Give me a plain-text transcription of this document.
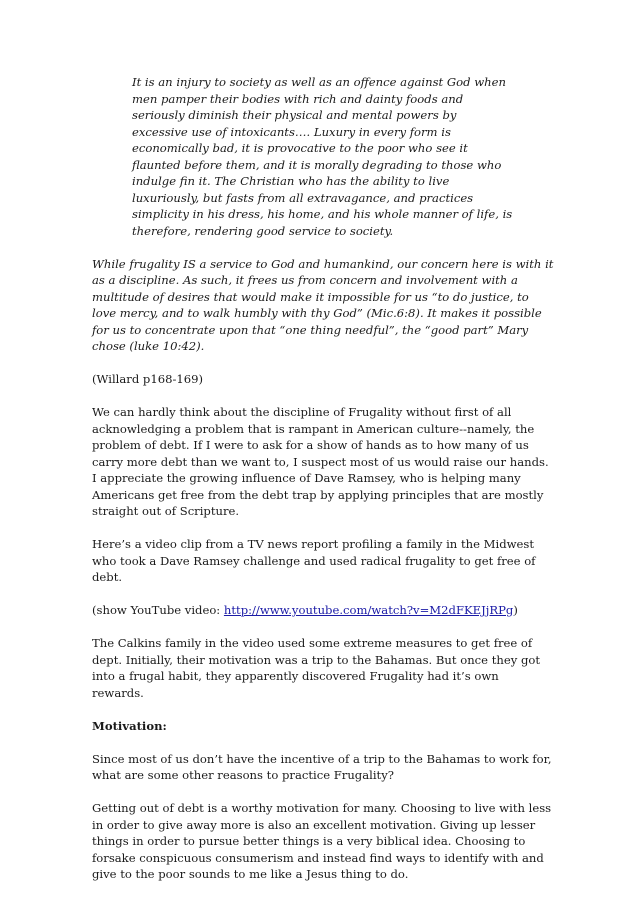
It is an injury to society as well as an offence against God when men pamper their bodies with rich and dainty foods and seriously diminish their physical and mental powers by excessive use of intoxicants…. Luxury in every form is economically bad, it is provocative to the poor who see it flaunted before them, and it is morally degrading to those who indulge fin it. The Christian who has the ability to live luxuriously, but fasts from all extravagance, and practices simplicity in his dress, his home, and his whole manner of life, is therefore, rendering good service to society.

While frugality IS a service to God and humankind, our concern here is with it as a discipline. As such, it frees us from concern and involvement with a multitude of desires that would make it impossible for us “to do justice, to love mercy, and to walk humbly with thy God” (Mic.6:8). It makes it possible for us to concentrate upon that “one thing needful”, the “good part” Mary chose (luke 10:42).

(Willard p168-169)

We can hardly think about the discipline of Frugality without first of all acknowledging a problem that is rampant in American culture--namely, the problem of debt. If I were to ask for a show of hands as to how many of us carry more debt than we want to, I suspect most of us would raise our hands. I appreciate the growing influence of Dave Ramsey, who is helping many Americans get free from the debt trap by applying principles that are mostly straight out of Scripture.

Here’s a video clip from a TV news report profiling a family in the Midwest who took a Dave Ramsey challenge and used radical frugality to get free of debt.

(show YouTube video: http://www.youtube.com/watch?v=M2dFKEJjRPg)

The Calkins family in the video used some extreme measures to get free of dept. Initially, their motivation was a trip to the Bahamas. But once they got into a frugal habit, they apparently discovered Frugality had it’s own rewards.

Motivation:

Since most of us don’t have the incentive of a trip to the Bahamas to work for, what are some other reasons to practice Frugality?

Getting out of debt is a worthy motivation for many. Choosing to live with less in order to give away more is also an excellent motivation. Giving up lesser things in order to pursue better things is a very biblical idea. Choosing to forsake conspicuous consumerism and instead find ways to identify with and give to the poor sounds to me like a Jesus thing to do.
